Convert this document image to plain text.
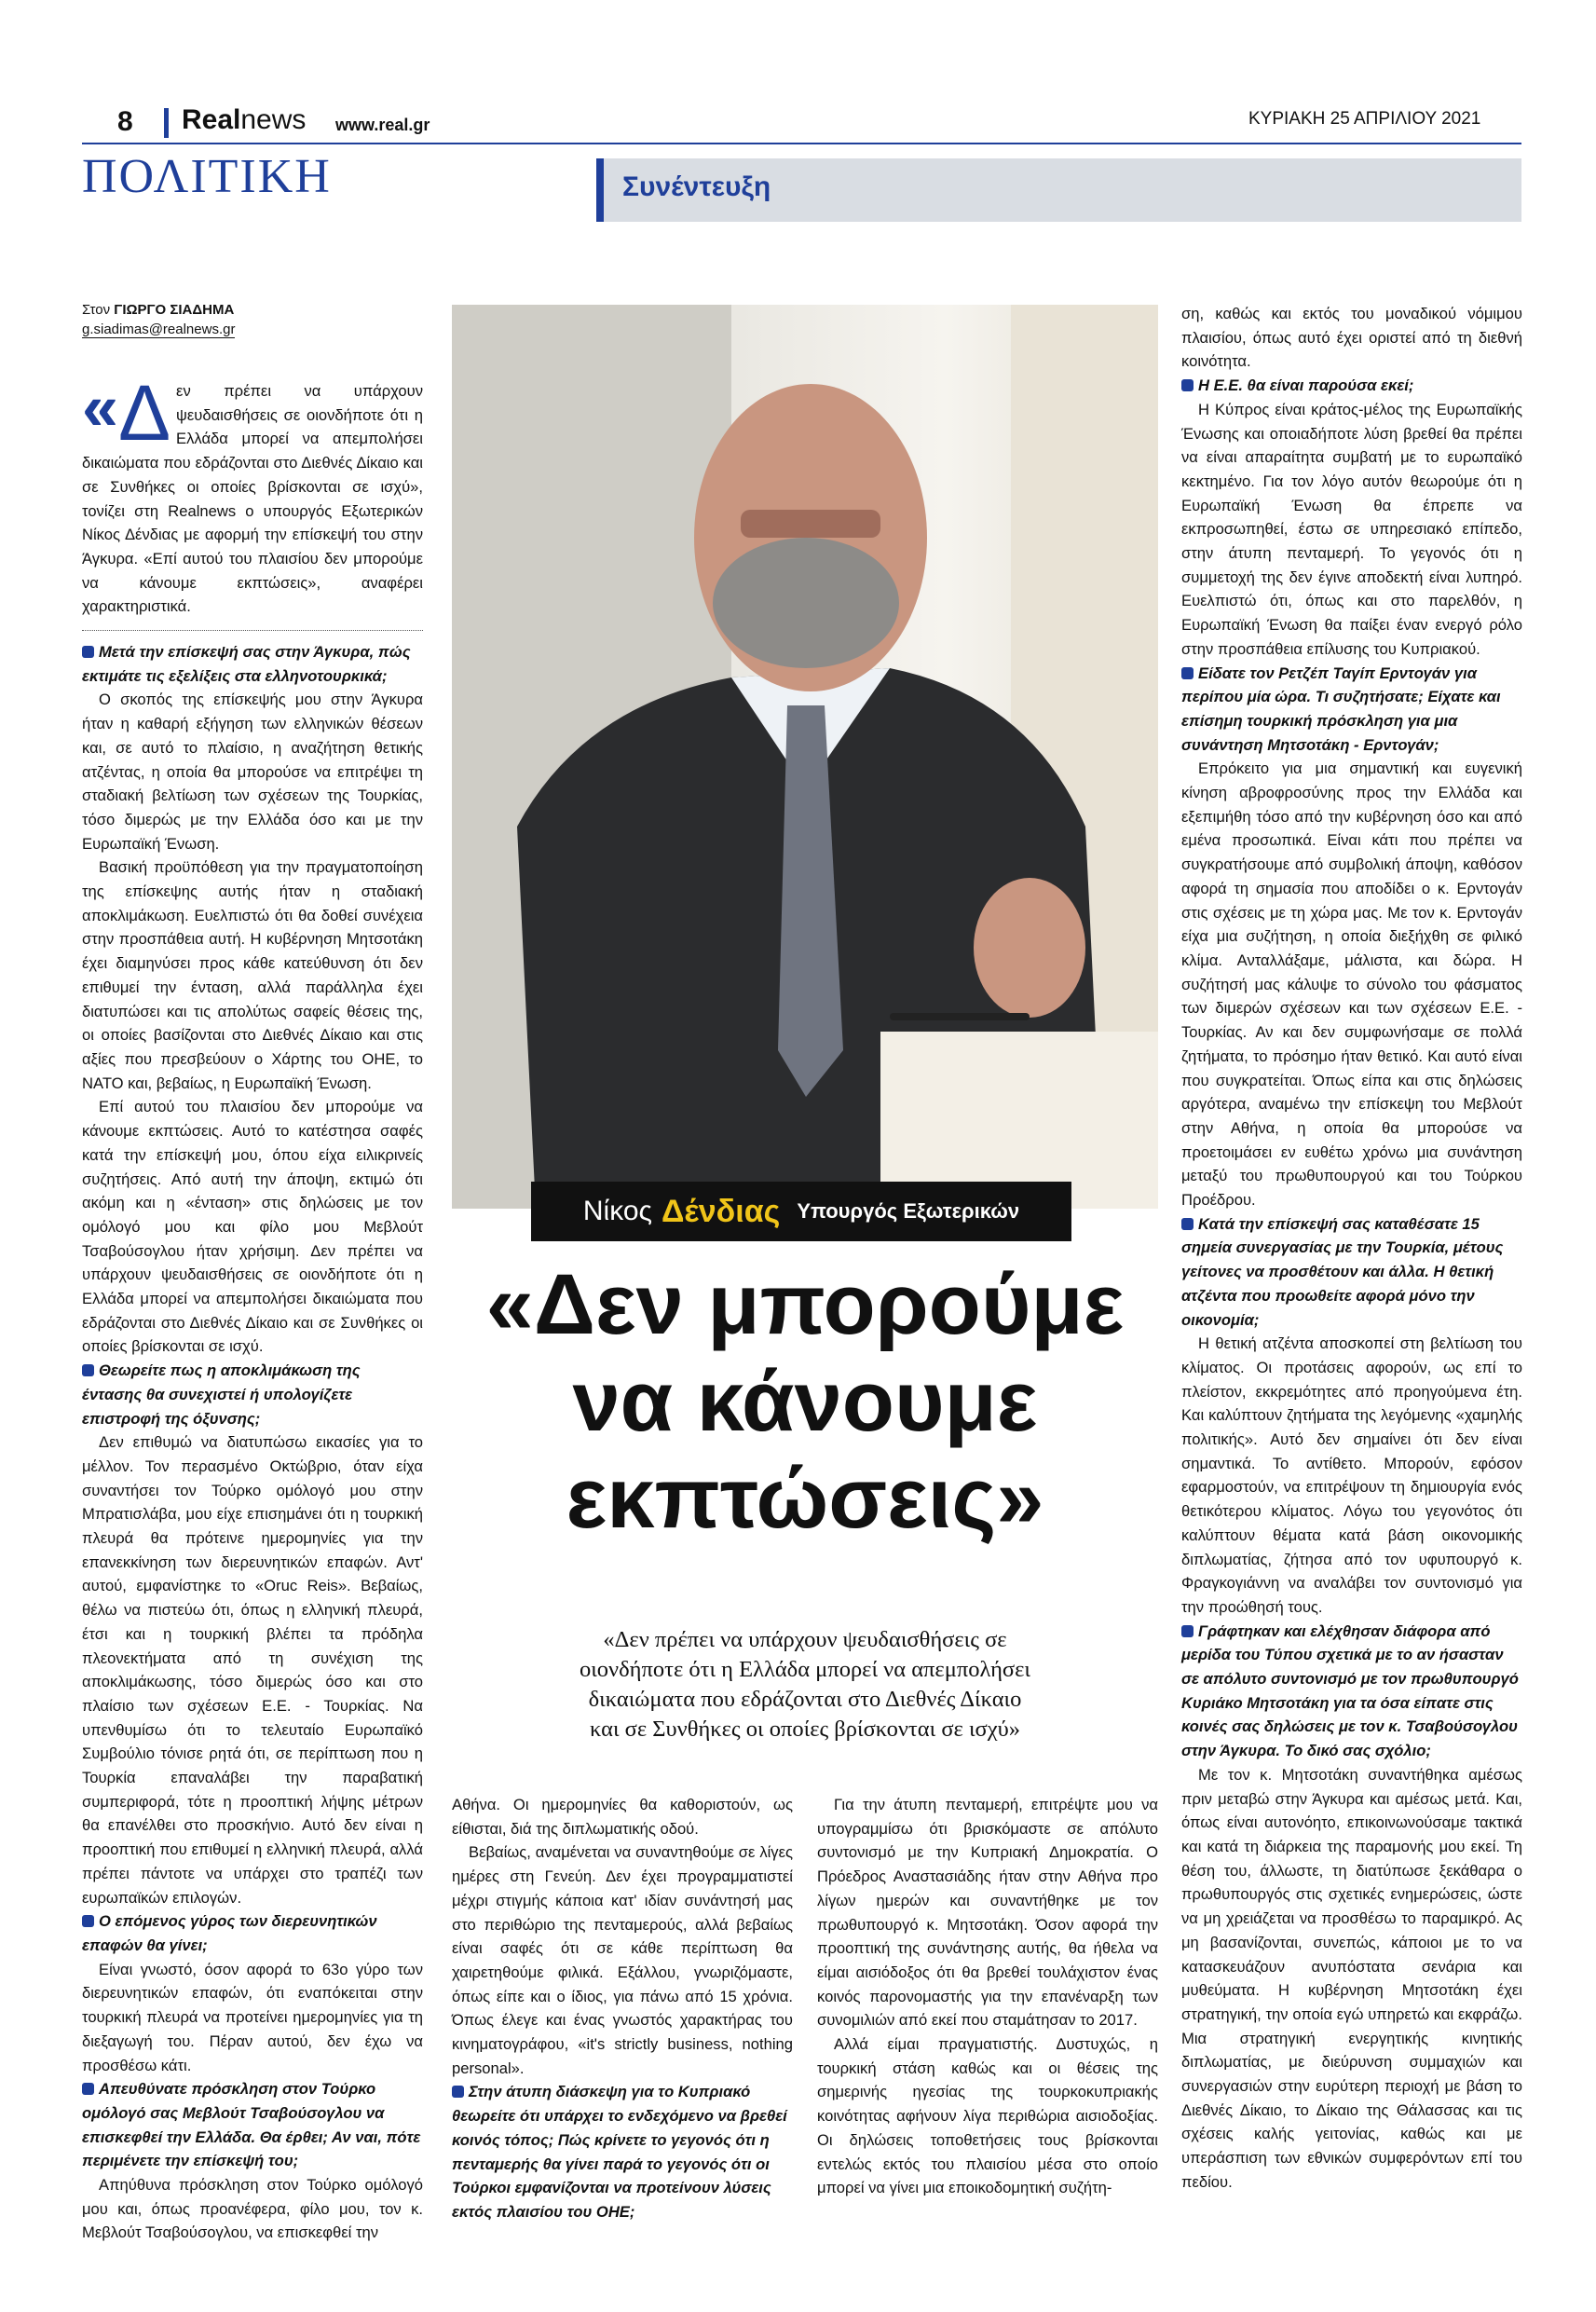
8 Realnews www.real.gr	ΚΥΡΙΑΚΗ 25 ΑΠΡΙΛΙΟΥ 2021
ΠΟΛΙΤΙΚΗ	Συνέντευξη
Νίκος Δένδιας Υπουργός Εξωτερικών
«Δεν μπορούμε
να κάνουμε
εκπτώσεις»
«Δεν πρέπει να υπάρχουν ψευδαισθήσεις σε
οιονδήποτε ότι η Ελλάδα μπορεί να απεμπολήσει
δικαιώματα που εδράζονται στο Διεθνές Δίκαιο
και σε Συνθήκες οι οποίες βρίσκονται σε ισχύ»
Στον ΓΙΩΡΓΟ ΣΙΑΔΗΜΑ
g.siadimas@realnews.gr
« Δ εν πρέπει να υπάρχουν ψευδαισθήσεις σε οιονδήποτε ότι η Ελλάδα μπορεί να απεμπολήσει δικαιώματα που εδράζονται στο Διεθνές Δίκαιο και σε Συνθήκες οι οποίες βρίσκονται σε ισχύ», τονίζει στη Realnews ο υπουργός Εξωτερικών Νίκος Δένδιας με αφορμή την επίσκεψή του στην Άγκυρα. «Επί αυτού του πλαισίου δεν μπορούμε να κάνουμε εκπτώσεις», αναφέρει χαρακτηριστικά.
Μετά την επίσκεψή σας στην Άγκυρα, πώς εκτιμάτε τις εξελίξεις στα ελληνοτουρκικά;
Ο σκοπός της επίσκεψής μου στην Άγκυρα ήταν η καθαρή εξήγηση των ελληνικών θέσεων και, σε αυτό το πλαίσιο, η αναζήτηση θετικής ατζέντας, η οποία θα μπορούσε να επιτρέψει τη σταδιακή βελτίωση των σχέσεων της Τουρκίας, τόσο διμερώς με την Ελλάδα όσο και με την Ευρωπαϊκή Ένωση.
Βασική προϋπόθεση για την πραγματοποίηση της επίσκεψης αυτής ήταν η σταδιακή αποκλιμάκωση. Ευελπιστώ ότι θα δοθεί συνέχεια στην προσπάθεια αυτή. Η κυβέρνηση Μητσοτάκη έχει διαμηνύσει προς κάθε κατεύθυνση ότι δεν επιθυμεί την ένταση, αλλά παράλληλα έχει διατυπώσει και τις απολύτως σαφείς θέσεις της, οι οποίες βασίζονται στο Διεθνές Δίκαιο και στις αξίες που πρεσβεύουν ο Χάρτης του ΟΗΕ, το ΝΑΤΟ και, βεβαίως, η Ευρωπαϊκή Ένωση.
Επί αυτού του πλαισίου δεν μπορούμε να κάνουμε εκπτώσεις. Αυτό το κατέστησα σαφές κατά την επίσκεψή μου, όπου είχα ειλικρινείς συζητήσεις. Από αυτή την άποψη, εκτιμώ ότι ακόμη και η «ένταση» στις δηλώσεις με τον ομόλογό μου και φίλο μου Μεβλούτ Τσαβούσογλου ήταν χρήσιμη. Δεν πρέπει να υπάρχουν ψευδαισθήσεις σε οιονδήποτε ότι η Ελλάδα μπορεί να απεμπολήσει δικαιώματα που εδράζονται στο Διεθνές Δίκαιο και σε Συνθήκες οι οποίες βρίσκονται σε ισχύ.
Θεωρείτε πως η αποκλιμάκωση της έντασης θα συνεχιστεί ή υπολογίζετε επιστροφή της όξυνσης;
Δεν επιθυμώ να διατυπώσω εικασίες για το μέλλον. Τον περασμένο Οκτώβριο, όταν είχα συναντήσει τον Τούρκο ομόλογό μου στην Μπρατισλάβα, μου είχε επισημάνει ότι η τουρκική πλευρά θα πρότεινε ημερομηνίες για την επανεκκίνηση των διερευνητικών επαφών. Αντ' αυτού, εμφανίστηκε το «Oruc Reis». Βεβαίως, θέλω να πιστεύω ότι, όπως η ελληνική πλευρά, έτσι και η τουρκική βλέπει τα πρόδηλα πλεονεκτήματα από τη συνέχιση της αποκλιμάκωσης, τόσο διμερώς όσο και στο πλαίσιο των σχέσεων Ε.Ε. - Τουρκίας. Να υπενθυμίσω ότι το τελευταίο Ευρωπαϊκό Συμβούλιο τόνισε ρητά ότι, σε περίπτωση που η Τουρκία επαναλάβει την παραβατική συμπεριφορά, τότε η προοπτική λήψης μέτρων θα επανέλθει στο προσκήνιο. Αυτό δεν είναι η προοπτική που επιθυμεί η ελληνική πλευρά, αλλά πρέπει πάντοτε να υπάρχει στο τραπέζι των ευρωπαϊκών επιλογών.
Ο επόμενος γύρος των διερευνητικών επαφών θα γίνει;
Είναι γνωστό, όσον αφορά το 63ο γύρο των διερευνητικών επαφών, ότι εναπόκειται στην τουρκική πλευρά να προτείνει ημερομηνίες για τη διεξαγωγή του. Πέραν αυτού, δεν έχω να προσθέσω κάτι.
Απευθύνατε πρόσκληση στον Τούρκο ομόλογό σας Μεβλούτ Τσαβούσογλου να επισκεφθεί την Ελλάδα. Θα έρθει; Αν ναι, πότε περιμένετε την επίσκεψή του;
Απηύθυνα πρόσκληση στον Τούρκο ομόλογό μου και, όπως προανέφερα, φίλο μου, τον κ. Μεβλούτ Τσαβούσογλου, να επισκεφθεί την
Αθήνα. Οι ημερομηνίες θα καθοριστούν, ως είθισται, διά της διπλωματικής οδού.
Βεβαίως, αναμένεται να συναντηθούμε σε λίγες ημέρες στη Γενεύη. Δεν έχει προγραμματιστεί μέχρι στιγμής κάποια κατ' ιδίαν συνάντησή μας στο περιθώριο της πενταμερούς, αλλά βεβαίως είναι σαφές ότι σε κάθε περίπτωση θα χαιρετηθούμε φιλικά. Εξάλλου, γνωριζόμαστε, όπως είπε και ο ίδιος, για πάνω από 15 χρόνια. Όπως έλεγε και ένας γνωστός χαρακτήρας του κινηματογράφου, «it's strictly business, nothing personal».
Στην άτυπη διάσκεψη για το Κυπριακό θεωρείτε ότι υπάρχει το ενδεχόμενο να βρεθεί κοινός τόπος; Πώς κρίνετε το γεγονός ότι η πενταμερής θα γίνει παρά το γεγονός ότι οι Τούρκοι εμφανίζονται να προτείνουν λύσεις εκτός πλαισίου του ΟΗΕ;
Για την άτυπη πενταμερή, επιτρέψτε μου να υπογραμμίσω ότι βρισκόμαστε σε απόλυτο συντονισμό με την Κυπριακή Δημοκρατία. Ο Πρόεδρος Αναστασιάδης ήταν στην Αθήνα προ λίγων ημερών και συναντήθηκε με τον πρωθυπουργό κ. Μητσοτάκη. Όσον αφορά την προοπτική της συνάντησης αυτής, θα ήθελα να είμαι αισιόδοξος ότι θα βρεθεί τουλάχιστον ένας κοινός παρονομαστής για την επανέναρξη των συνομιλιών από εκεί που σταμάτησαν το 2017.
Αλλά είμαι πραγματιστής. Δυστυχώς, η τουρκική στάση καθώς και οι θέσεις της σημερινής ηγεσίας της τουρκοκυπριακής κοινότητας αφήνουν λίγα περιθώρια αισιοδοξίας. Οι δηλώσεις τοποθετήσεις τους βρίσκονται εντελώς εκτός του πλαισίου μέσα στο οποίο μπορεί να γίνει μια εποικοδομητική συζήτη-
ση, καθώς και εκτός του μοναδικού νόμιμου πλαισίου, όπως αυτό έχει οριστεί από τη διεθνή κοινότητα.
Η Ε.Ε. θα είναι παρούσα εκεί;
Η Κύπρος είναι κράτος-μέλος της Ευρωπαϊκής Ένωσης και οποιαδήποτε λύση βρεθεί θα πρέπει να είναι απαραίτητα συμβατή με το ευρωπαϊκό κεκτημένο. Για τον λόγο αυτόν θεωρούμε ότι η Ευρωπαϊκή Ένωση θα έπρεπε να εκπροσωπηθεί, έστω σε υπηρεσιακό επίπεδο, στην άτυπη πενταμερή. Το γεγονός ότι η συμμετοχή της δεν έγινε αποδεκτή είναι λυπηρό. Ευελπιστώ ότι, όπως και στο παρελθόν, η Ευρωπαϊκή Ένωση θα παίξει έναν ενεργό ρόλο στην προσπάθεια επίλυσης του Κυπριακού.
Είδατε τον Ρετζέπ Ταγίπ Ερντογάν για περίπου μία ώρα. Τι συζητήσατε; Είχατε και επίσημη τουρκική πρόσκληση για μια συνάντηση Μητσοτάκη - Ερντογάν;
Επρόκειτο για μια σημαντική και ευγενική κίνηση αβροφροσύνης προς την Ελλάδα και εξεπιμήθη τόσο από την κυβέρνηση όσο και από εμένα προσωπικά. Είναι κάτι που πρέπει να συγκρατήσουμε από συμβολική άποψη, καθόσον αφορά τη σημασία που αποδίδει ο κ. Ερντογάν στις σχέσεις με τη χώρα μας. Με τον κ. Ερντογάν είχα μια συζήτηση, η οποία διεξήχθη σε φιλικό κλίμα. Ανταλλάξαμε, μάλιστα, και δώρα. Η συζήτησή μας κάλυψε το σύνολο του φάσματος των διμερών σχέσεων και των σχέσεων Ε.Ε. - Τουρκίας. Αν και δεν συμφωνήσαμε σε πολλά ζητήματα, το πρόσημο ήταν θετικό. Και αυτό είναι που συγκρατείται. Όπως είπα και στις δηλώσεις αργότερα, αναμένω την επίσκεψη του Μεβλούτ στην Αθήνα, η οποία θα μπορούσε να προετοιμάσει εν ευθέτω χρόνω μια συνάντηση μεταξύ του πρωθυπουργού και του Τούρκου Προέδρου.
Κατά την επίσκεψή σας καταθέσατε 15 σημεία συνεργασίας με την Τουρκία, μέτους γείτονες να προσθέτουν και άλλα. Η θετική ατζέντα που προωθείτε αφορά μόνο την οικονομία;
Η θετική ατζέντα αποσκοπεί στη βελτίωση του κλίματος. Οι προτάσεις αφορούν, ως επί το πλείστον, εκκρεμότητες από προηγούμενα έτη. Και καλύπτουν ζητήματα της λεγόμενης «χαμηλής πολιτικής». Αυτό δεν σημαίνει ότι δεν είναι σημαντικά. Το αντίθετο. Μπορούν, εφόσον εφαρμοστούν, να επιτρέψουν τη δημιουργία ενός θετικότερου κλίματος. Λόγω του γεγονότος ότι καλύπτουν θέματα κατά βάση οικονομικής διπλωματίας, ζήτησα από τον υφυπουργό κ. Φραγκογιάννη να αναλάβει τον συντονισμό για την προώθησή τους.
Γράφτηκαν και ελέχθησαν διάφορα από μερίδα του Τύπου σχετικά με το αν ήσασταν σε απόλυτο συντονισμό με τον πρωθυπουργό Κυριάκο Μητσοτάκη για τα όσα είπατε στις κοινές σας δηλώσεις με τον κ. Τσαβούσογλου στην Άγκυρα. Το δικό σας σχόλιο;
Με τον κ. Μητσοτάκη συναντήθηκα αμέσως πριν μεταβώ στην Άγκυρα και αμέσως μετά. Και, όπως είναι αυτονόητο, επικοινωνούσαμε τακτικά και κατά τη διάρκεια της παραμονής μου εκεί. Τη θέση του, άλλωστε, τη διατύπωσε ξεκάθαρα ο πρωθυπουργός στις σχετικές ενημερώσεις, ώστε να μη χρειάζεται να προσθέσω το παραμικρό. Ας μη βασανίζονται, συνεπώς, κάποιοι με το να κατασκευάζουν ανυπόστατα σενάρια και μυθεύματα. Η κυβέρνηση Μητσοτάκη έχει στρατηγική, την οποία εγώ υπηρετώ και εκφράζω. Μια στρατηγική ενεργητικής κινητικής διπλωματίας, με διεύρυνση συμμαχιών και συνεργασιών στην ευρύτερη περιοχή με βάση το Διεθνές Δίκαιο, το Δίκαιο της Θάλασσας και τις σχέσεις καλής γειτονίας, καθώς και με υπεράσπιση των εθνικών συμφερόντων επί του πεδίου.
